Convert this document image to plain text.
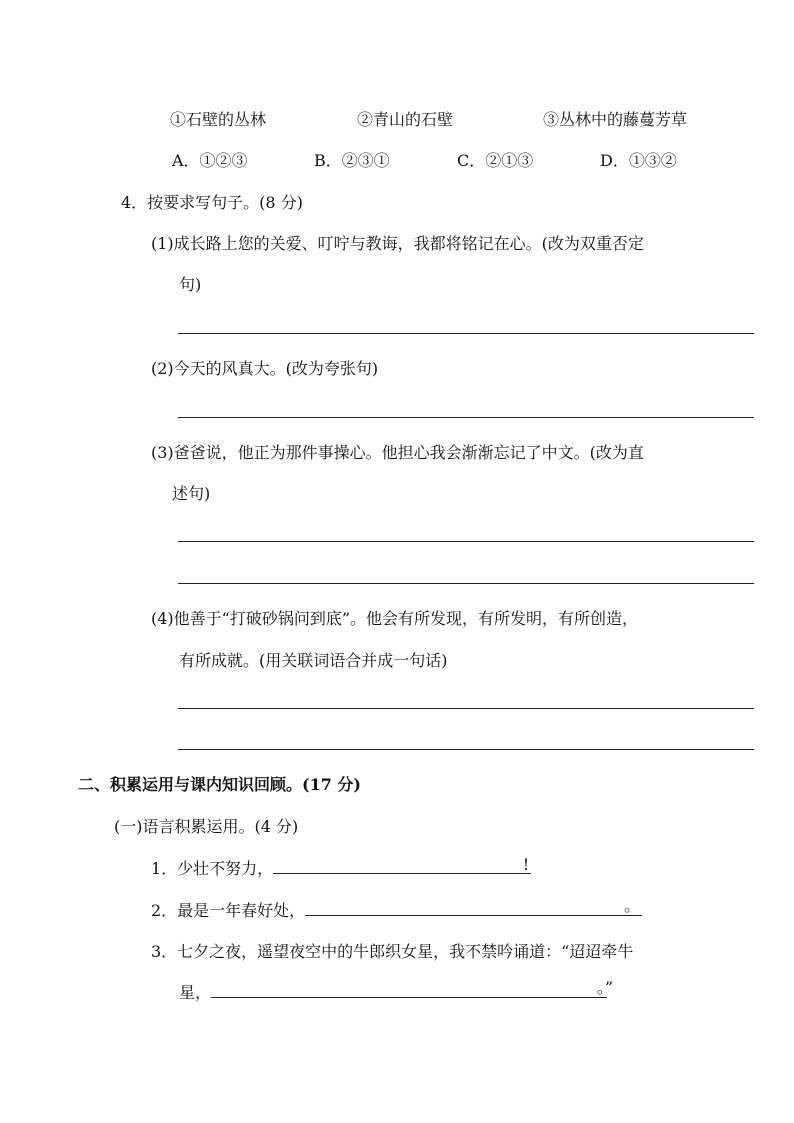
①石壁的丛林	②青山的石壁	③丛林中的藤蔓芳草
A．①②③	B．②③①	C．②①③	D．①③②
4．按要求写句子。(8 分)
(1)成长路上您的关爱、叮咛与教诲，我都将铭记在心。(改为双重否定
句)
(2)今天的风真大。(改为夸张句)
(3)爸爸说，他正为那件事操心。他担心我会渐渐忘记了中文。(改为直
述句)
(4)他善于“打破砂锅问到底”。他会有所发现，有所发明，有所创造，
有所成就。(用关联词语合并成一句话)
二、积累运用与课内知识回顾。(17 分)
(一)语言积累运用。(4 分)
1．少壮不努力，	!
2．最是一年春好处，	。
3．七夕之夜，遥望夜空中的牛郎织女星，我不禁吟诵道：“迢迢牵牛
星，	。”
